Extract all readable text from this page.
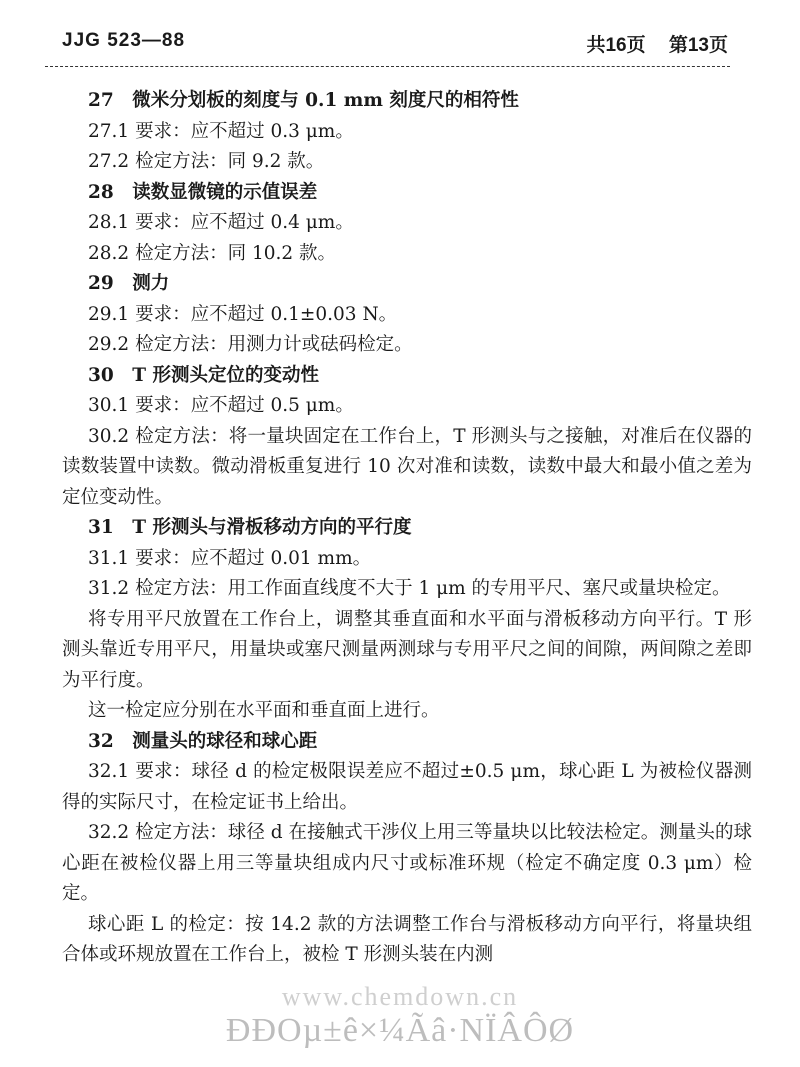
JJG 523—88	共16页 第13页
27　微米分划板的刻度与 0.1 mm 刻度尺的相符性
27.1 要求：应不超过 0.3 μm。
27.2 检定方法：同 9.2 款。
28　读数显微镜的示值误差
28.1 要求：应不超过 0.4 μm。
28.2 检定方法：同 10.2 款。
29　测力
29.1 要求：应不超过 0.1±0.03 N。
29.2 检定方法：用测力计或砝码检定。
30　T 形测头定位的变动性
30.1 要求：应不超过 0.5 μm。
30.2 检定方法：将一量块固定在工作台上，T 形测头与之接触，对准后在仪器的读数装置中读数。微动滑板重复进行 10 次对准和读数，读数中最大和最小值之差为定位变动性。
31　T 形测头与滑板移动方向的平行度
31.1 要求：应不超过 0.01 mm。
31.2 检定方法：用工作面直线度不大于 1 μm 的专用平尺、塞尺或量块检定。
将专用平尺放置在工作台上，调整其垂直面和水平面与滑板移动方向平行。T 形测头靠近专用平尺，用量块或塞尺测量两测球与专用平尺之间的间隙，两间隙之差即为平行度。
这一检定应分别在水平面和垂直面上进行。
32　测量头的球径和球心距
32.1 要求：球径 d 的检定极限误差应不超过±0.5 μm，球心距 L 为被检仪器测得的实际尺寸，在检定证书上给出。
32.2 检定方法：球径 d 在接触式干涉仪上用三等量块以比较法检定。测量头的球心距在被检仪器上用三等量块组成内尺寸或标准环规（检定不确定度 0.3 μm）检定。
球心距 L 的检定：按 14.2 款的方法调整工作台与滑板移动方向平行，将量块组合体或环规放置在工作台上，被检 T 形测头装在内测
www.chemdown.cn
ÐÐOµ±ê×¼Ãâ·NÏÂÔØ
